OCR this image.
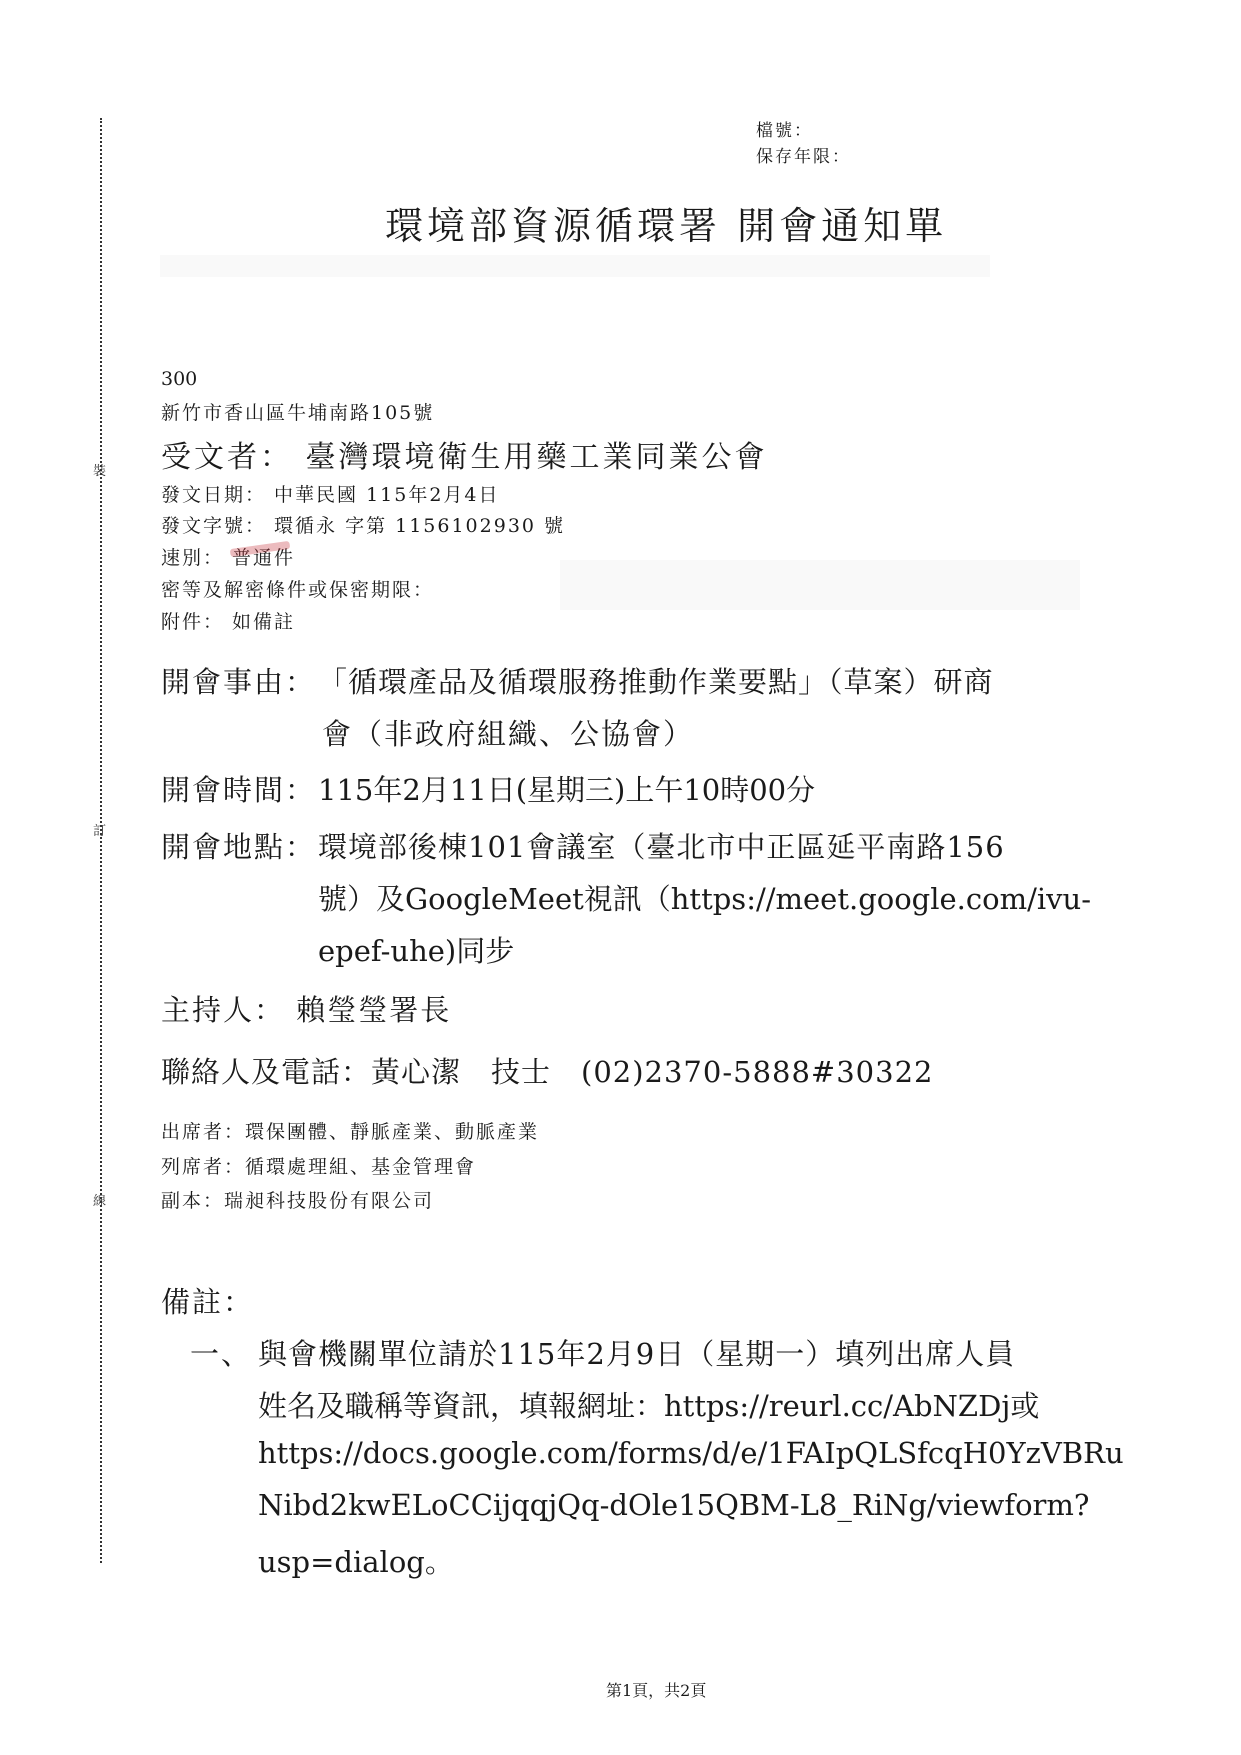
裝
訂
線
檔號：
保存年限：
環境部資源循環署 開會通知單
300
新竹市香山區牛埔南路105號
受文者： 臺灣環境衛生用藥工業同業公會
發文日期： 中華民國 115年2月4日
發文字號： 環循永 字第 1156102930 號
速別： 普通件
密等及解密條件或保密期限：
附件： 如備註
開會事由： 「循環產品及循環服務推動作業要點」（草案）研商
會（非政府組織、公協會）
開會時間： 115年2月11日(星期三)上午10時00分
開會地點： 環境部後棟101會議室（臺北市中正區延平南路156
號）及GoogleMeet視訊（https://meet.google.com/ivu-
epef-uhe)同步
主持人： 賴瑩瑩署長
聯絡人及電話：黃心潔　技士　(02)2370-5888#30322
出席者：環保團體、靜脈產業、動脈產業
列席者：循環處理組、基金管理會
副本：瑞昶科技股份有限公司
備註：
一、 與會機關單位請於115年2月9日（星期一）填列出席人員
姓名及職稱等資訊，填報網址：https://reurl.cc/AbNZDj或
https://docs.google.com/forms/d/e/1FAIpQLSfcqH0YzVBRu
Nibd2kwELoCCijqqjQq-dOle15QBM-L8_RiNg/viewform?
usp=dialog。
第1頁，共2頁
